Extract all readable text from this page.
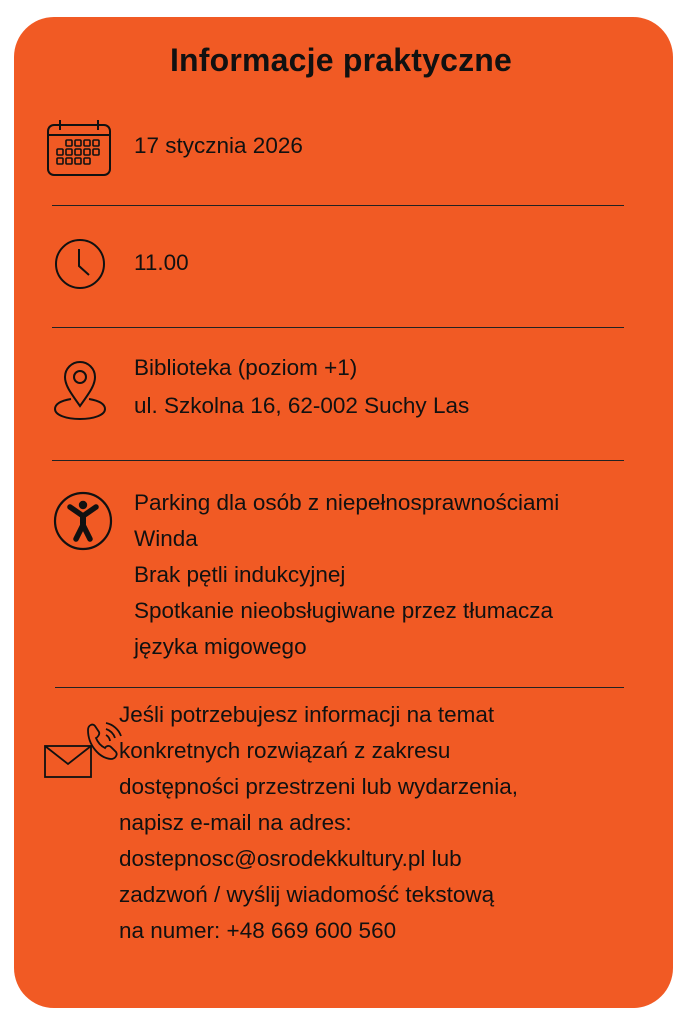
Informacje praktyczne
17 stycznia 2026
11.00
Biblioteka (poziom +1)
ul. Szkolna 16, 62-002 Suchy Las
Parking dla osób z niepełnosprawnościami
Winda
Brak pętli indukcyjnej
Spotkanie nieobsługiwane przez tłumacza
języka migowego
Jeśli potrzebujesz informacji na temat
konkretnych rozwiązań z zakresu
dostępności przestrzeni lub wydarzenia,
napisz e-mail na adres:
dostepnosc@osrodekkultury.pl lub
zadzwoń / wyślij wiadomość tekstową
na numer: +48 669 600 560
